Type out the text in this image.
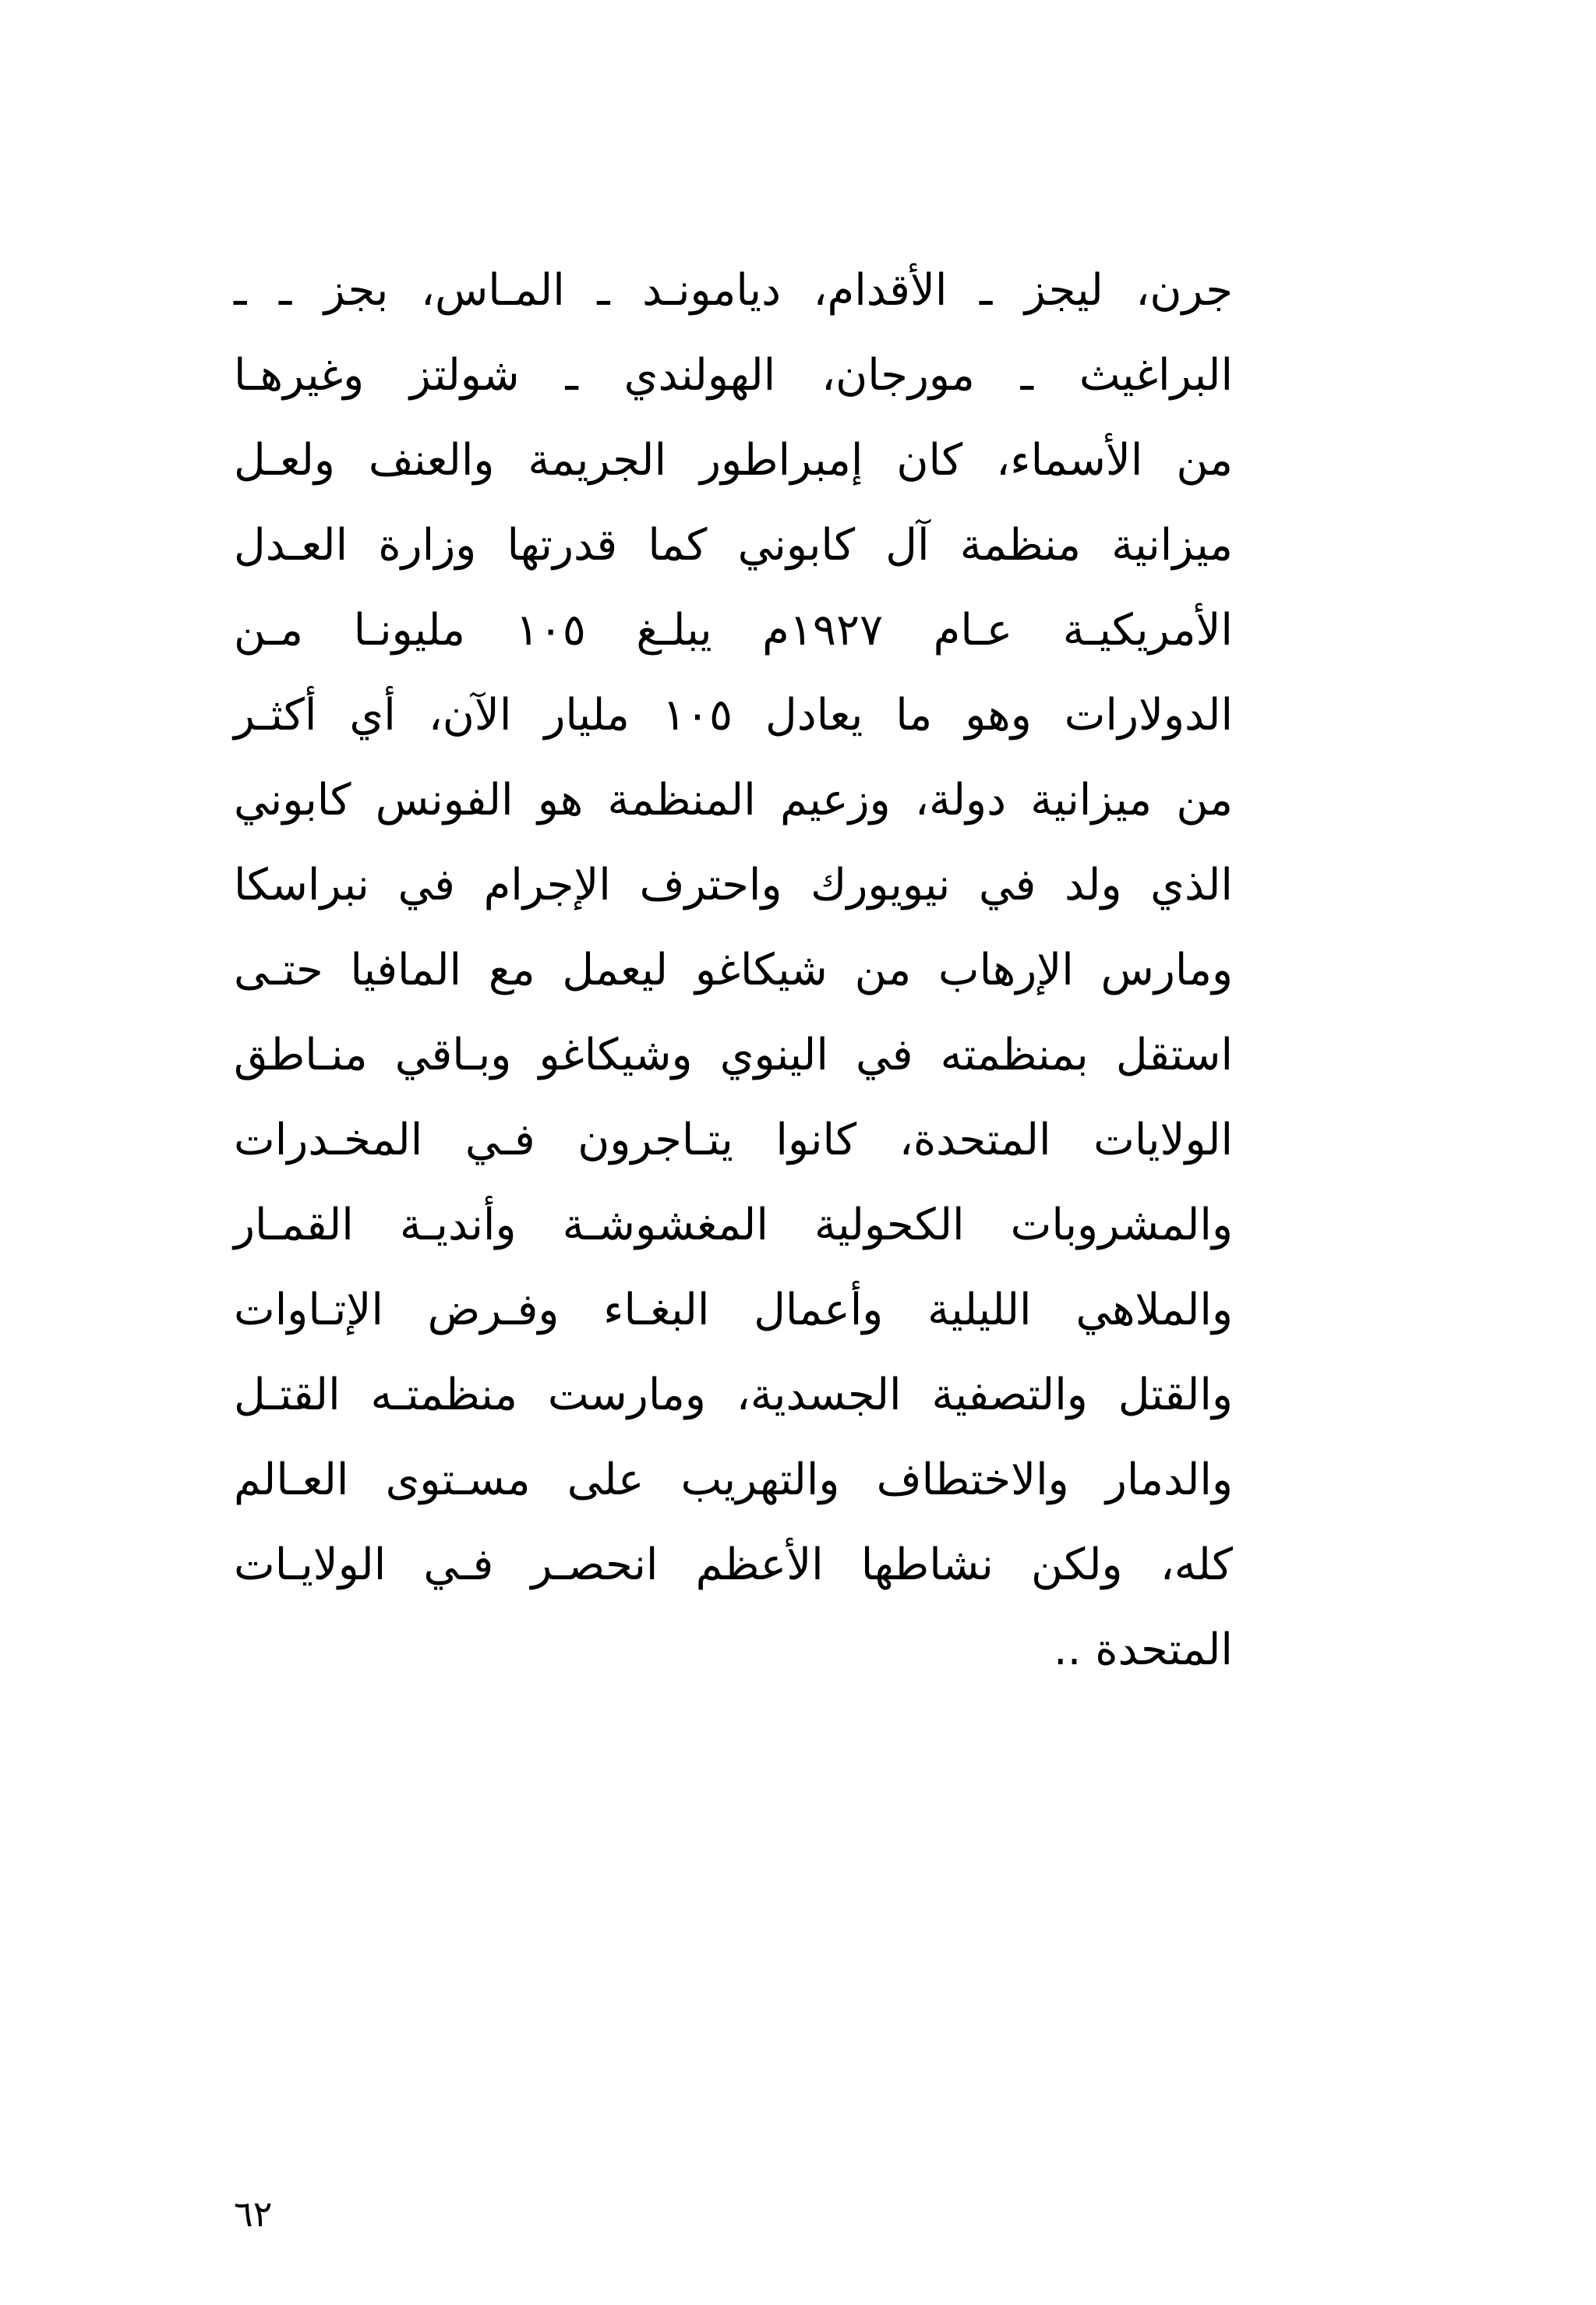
جرن، ليجز ـ الأقدام، ديامونـد ـ المـاس، بجز ـ ـ
البراغيث ـ مورجان، الهولندي ـ شولتز وغيرهـا
من الأسماء، كان إمبراطور الجريمة والعنف ولعـل
ميزانية منظمة آل كابوني كما قدرتها وزارة العـدل
الأمريكيـة عـام ١٩٢٧م يبلـغ ١٠٥ مليونـا مـن
الدولارات وهو ما يعادل ١٠٥ مليار الآن، أي أكثـر
من ميزانية دولة، وزعيم المنظمة هو الفونس كابوني
الذي ولد في نيويورك واحترف الإجرام في نبراسكا
ومارس الإرهاب من شيكاغو ليعمل مع المافيا حتـى
استقل بمنظمته في الينوي وشيكاغو وبـاقي منـاطق
الولايات المتحدة، كانوا يتـاجرون فـي المخـدرات
والمشروبات الكحولية المغشوشـة وأنديـة القمـار
والملاهي الليلية وأعمال البغـاء وفـرض الإتـاوات
والقتل والتصفية الجسدية، ومارست منظمتـه القتـل
والدمار والاختطاف والتهريب على مسـتوى العـالم
كله، ولكن نشاطها الأعظم انحصـر فـي الولايـات
المتحدة ..
٦٢
